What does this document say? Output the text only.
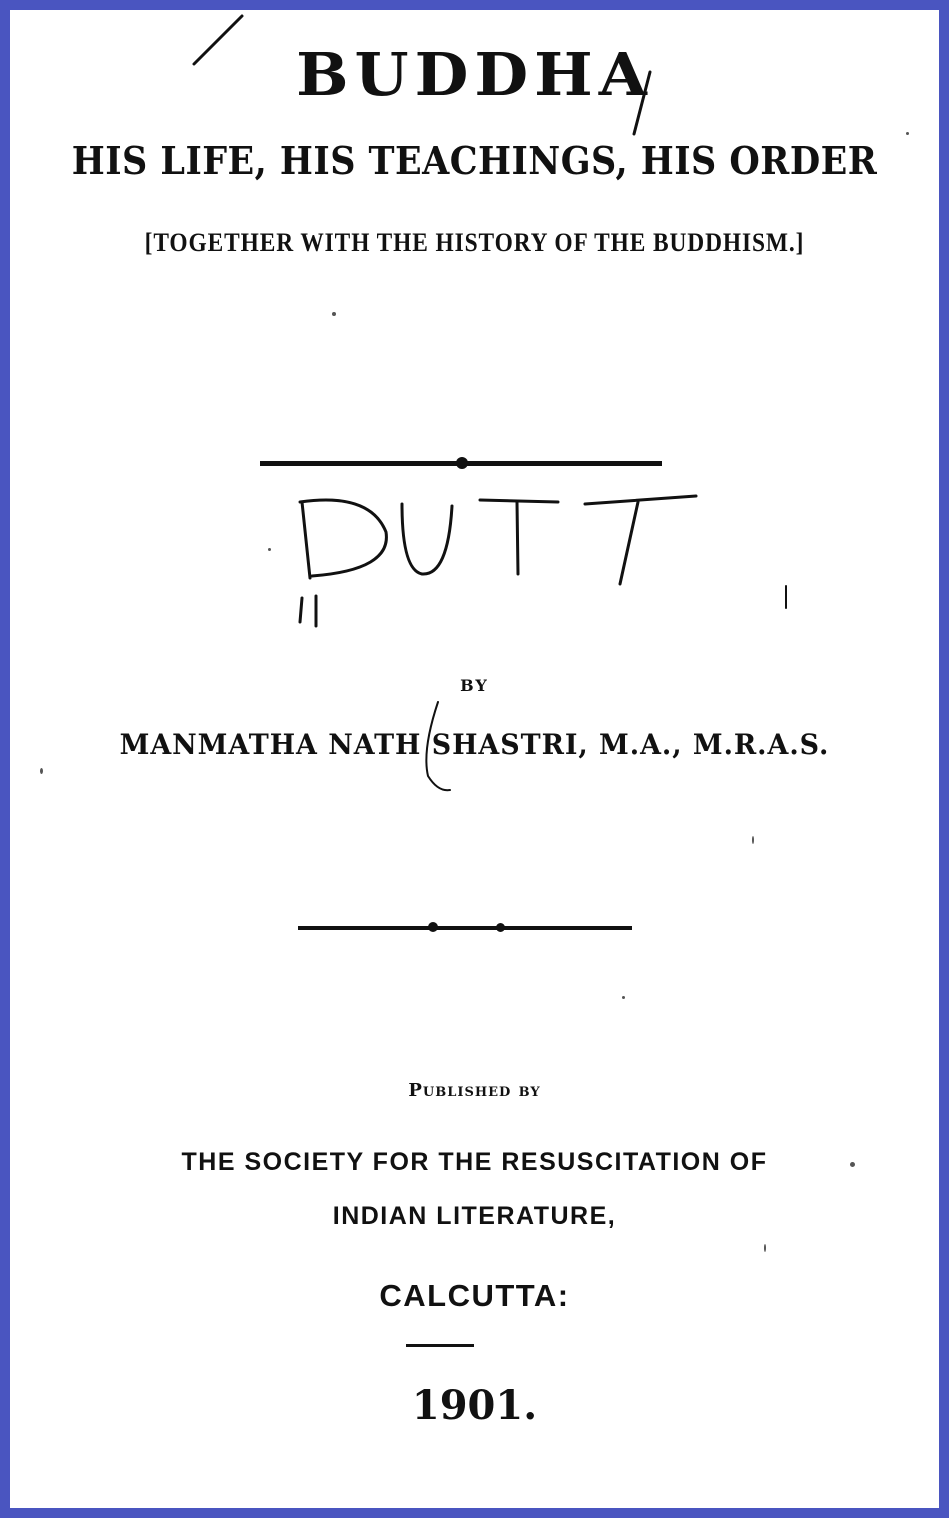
BUDDHA
HIS LIFE, HIS TEACHINGS, HIS ORDER
[TOGETHER WITH THE HISTORY OF THE BUDDHISM.]
BY
MANMATHA NATH SHASTRI, M.A., M.R.A.S.
Published by
THE SOCIETY FOR THE RESUSCITATION OF
INDIAN LITERATURE,
CALCUTTA:
1901.
